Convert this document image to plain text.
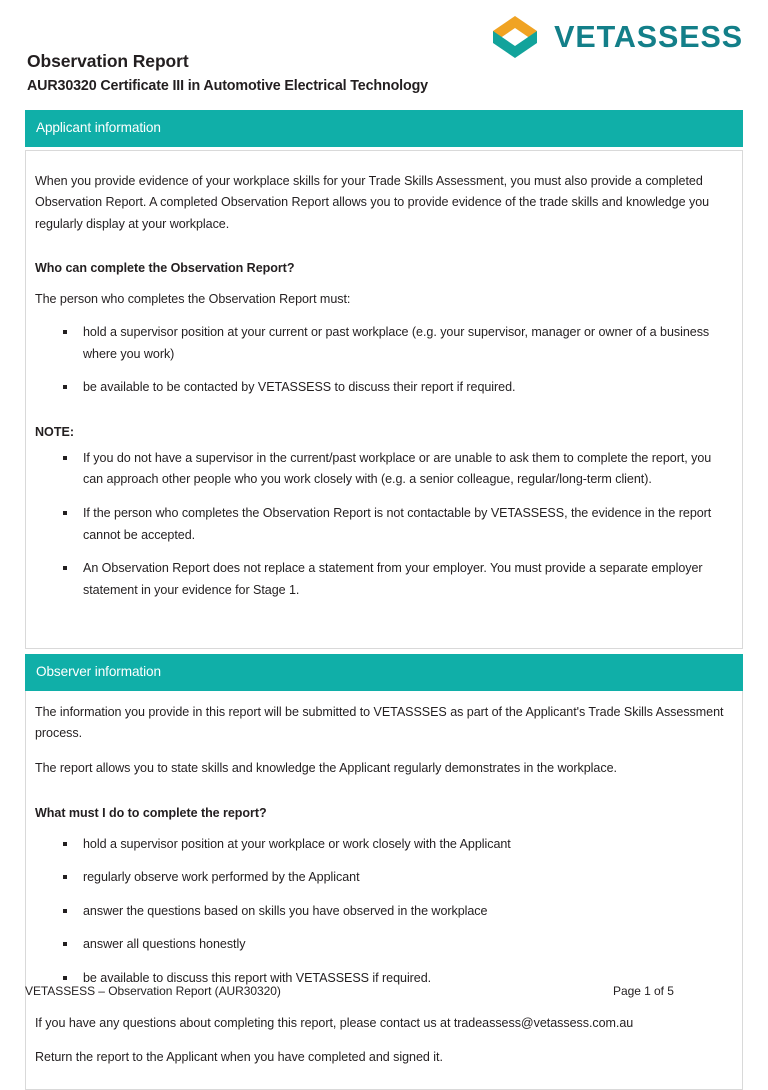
VETASSESS
Observation Report
AUR30320 Certificate III in Automotive Electrical Technology
Applicant information

When you provide evidence of your workplace skills for your Trade Skills Assessment, you must also provide a completed Observation Report. A completed Observation Report allows you to provide evidence of the trade skills and knowledge you regularly display at your workplace.

Who can complete the Observation Report?

The person who completes the Observation Report must:

hold a supervisor position at your current or past workplace (e.g. your supervisor, manager or owner of a business where you work)
be available to be contacted by VETASSESS to discuss their report if required.
NOTE:
If you do not have a supervisor in the current/past workplace or are unable to ask them to complete the report, you can approach other people who you work closely with (e.g. a senior colleague, regular/long-term client).
If the person who completes the Observation Report is not contactable by VETASSESS, the evidence in the report cannot be accepted.
An Observation Report does not replace a statement from your employer. You must provide a separate employer statement in your evidence for Stage 1.
Observer information

The information you provide in this report will be submitted to VETASSSES as part of the Applicant's Trade Skills Assessment process.

The report allows you to state skills and knowledge the Applicant regularly demonstrates in the workplace.

What must I do to complete the report?
hold a supervisor position at your workplace or work closely with the Applicant
regularly observe work performed by the Applicant
answer the questions based on skills you have observed in the workplace
answer all questions honestly
be available to discuss this report with VETASSESS if required.

If you have any questions about completing this report, please contact us at tradeassess@vetassess.com.au

Return the report to the Applicant when you have completed and signed it.

VETASSESS – Observation Report (AUR30320)	Page 1 of 5
